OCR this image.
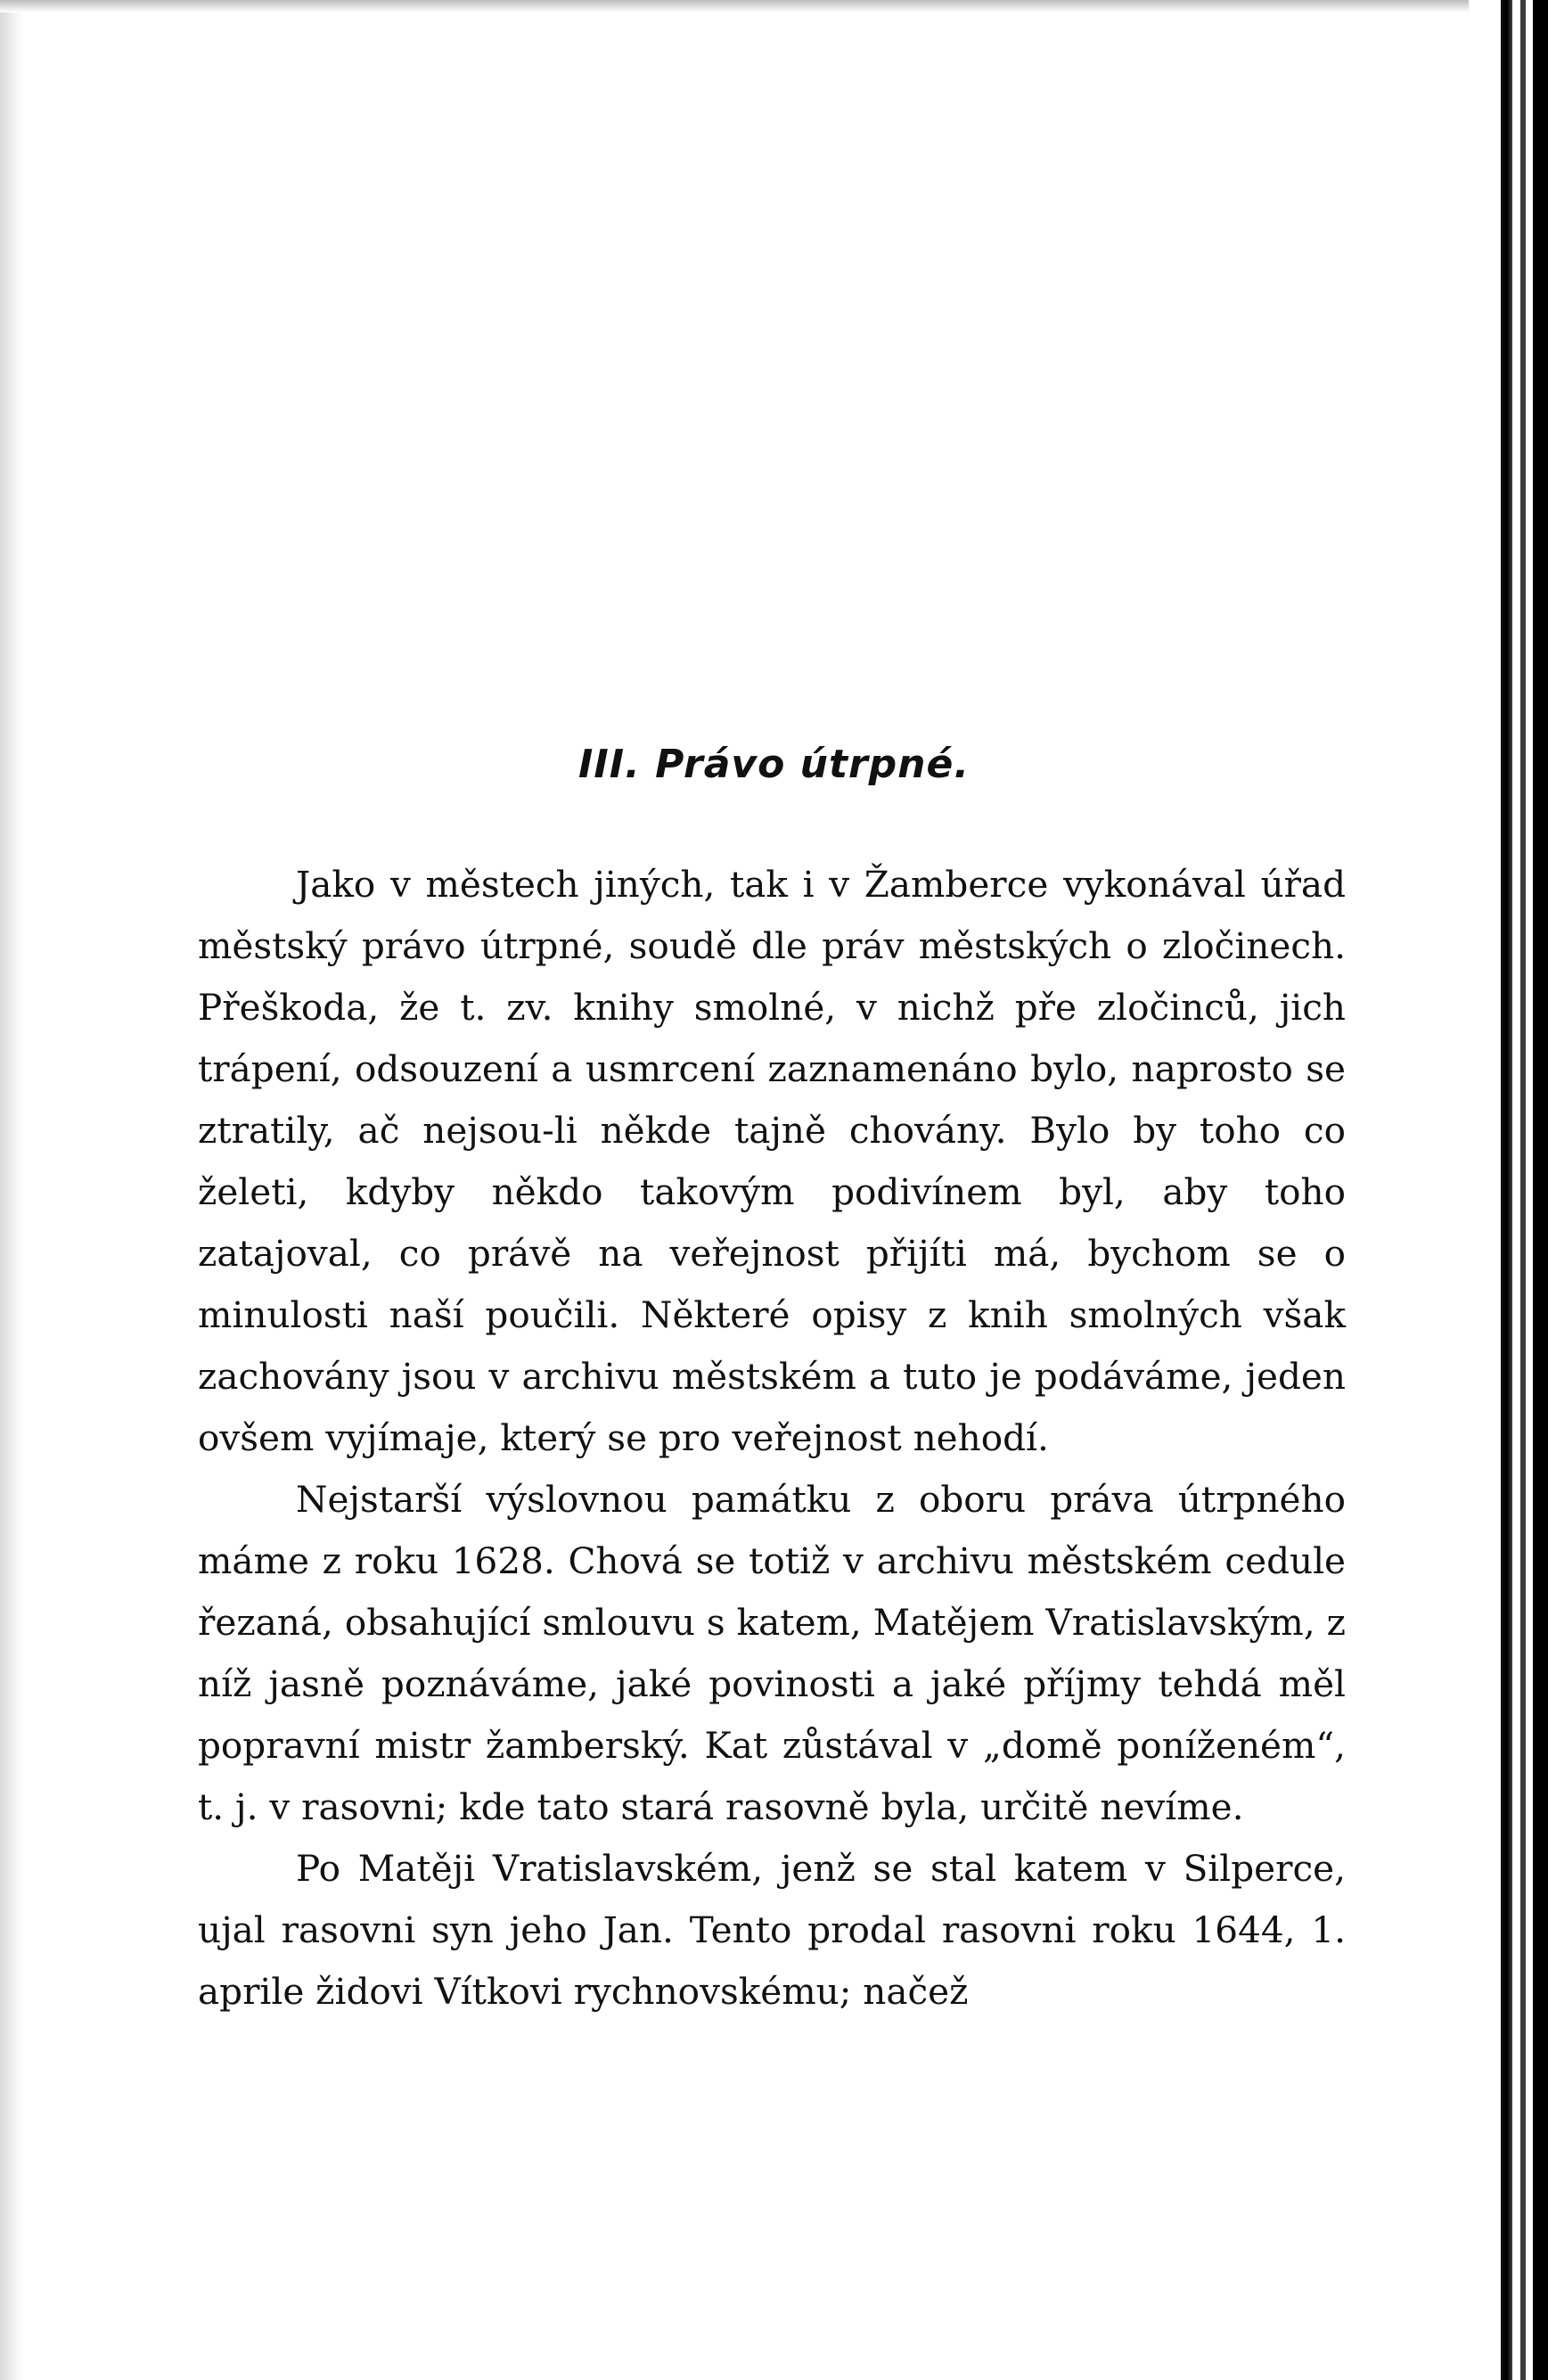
III. Právo útrpné.

Jako v městech jiných, tak i v Žamberce vykonával úřad městský právo útrpné, soudě dle práv městských o zločinech. Přeškoda, že t. zv. knihy smolné, v nichž pře zločinců, jich trápení, odsouzení a usmrcení zaznamenáno bylo, naprosto se ztratily, ač nejsou-li někde tajně chovány. Bylo by toho co želeti, kdyby někdo takovým podivínem byl, aby toho zatajoval, co právě na veřejnost přijíti má, bychom se o minulosti naší poučili. Některé opisy z knih smolných však zachovány jsou v archivu městském a tuto je podáváme, jeden ovšem vyjímaje, který se pro veřejnost nehodí.

Nejstarší výslovnou památku z oboru práva útrpného máme z roku 1628. Chová se totiž v archivu městském cedule řezaná, obsahující smlouvu s katem, Matějem Vratislavským, z níž jasně poznáváme, jaké povinosti a jaké příjmy tehdá měl popravní mistr žamberský. Kat zůstával v „domě poníženém“, t. j. v rasovni; kde tato stará rasovně byla, určitě nevíme.

Po Matěji Vratislavském, jenž se stal katem v Silperce, ujal rasovni syn jeho Jan. Tento prodal rasovni roku 1644, 1. aprile židovi Vítkovi rychnovskému; načež
